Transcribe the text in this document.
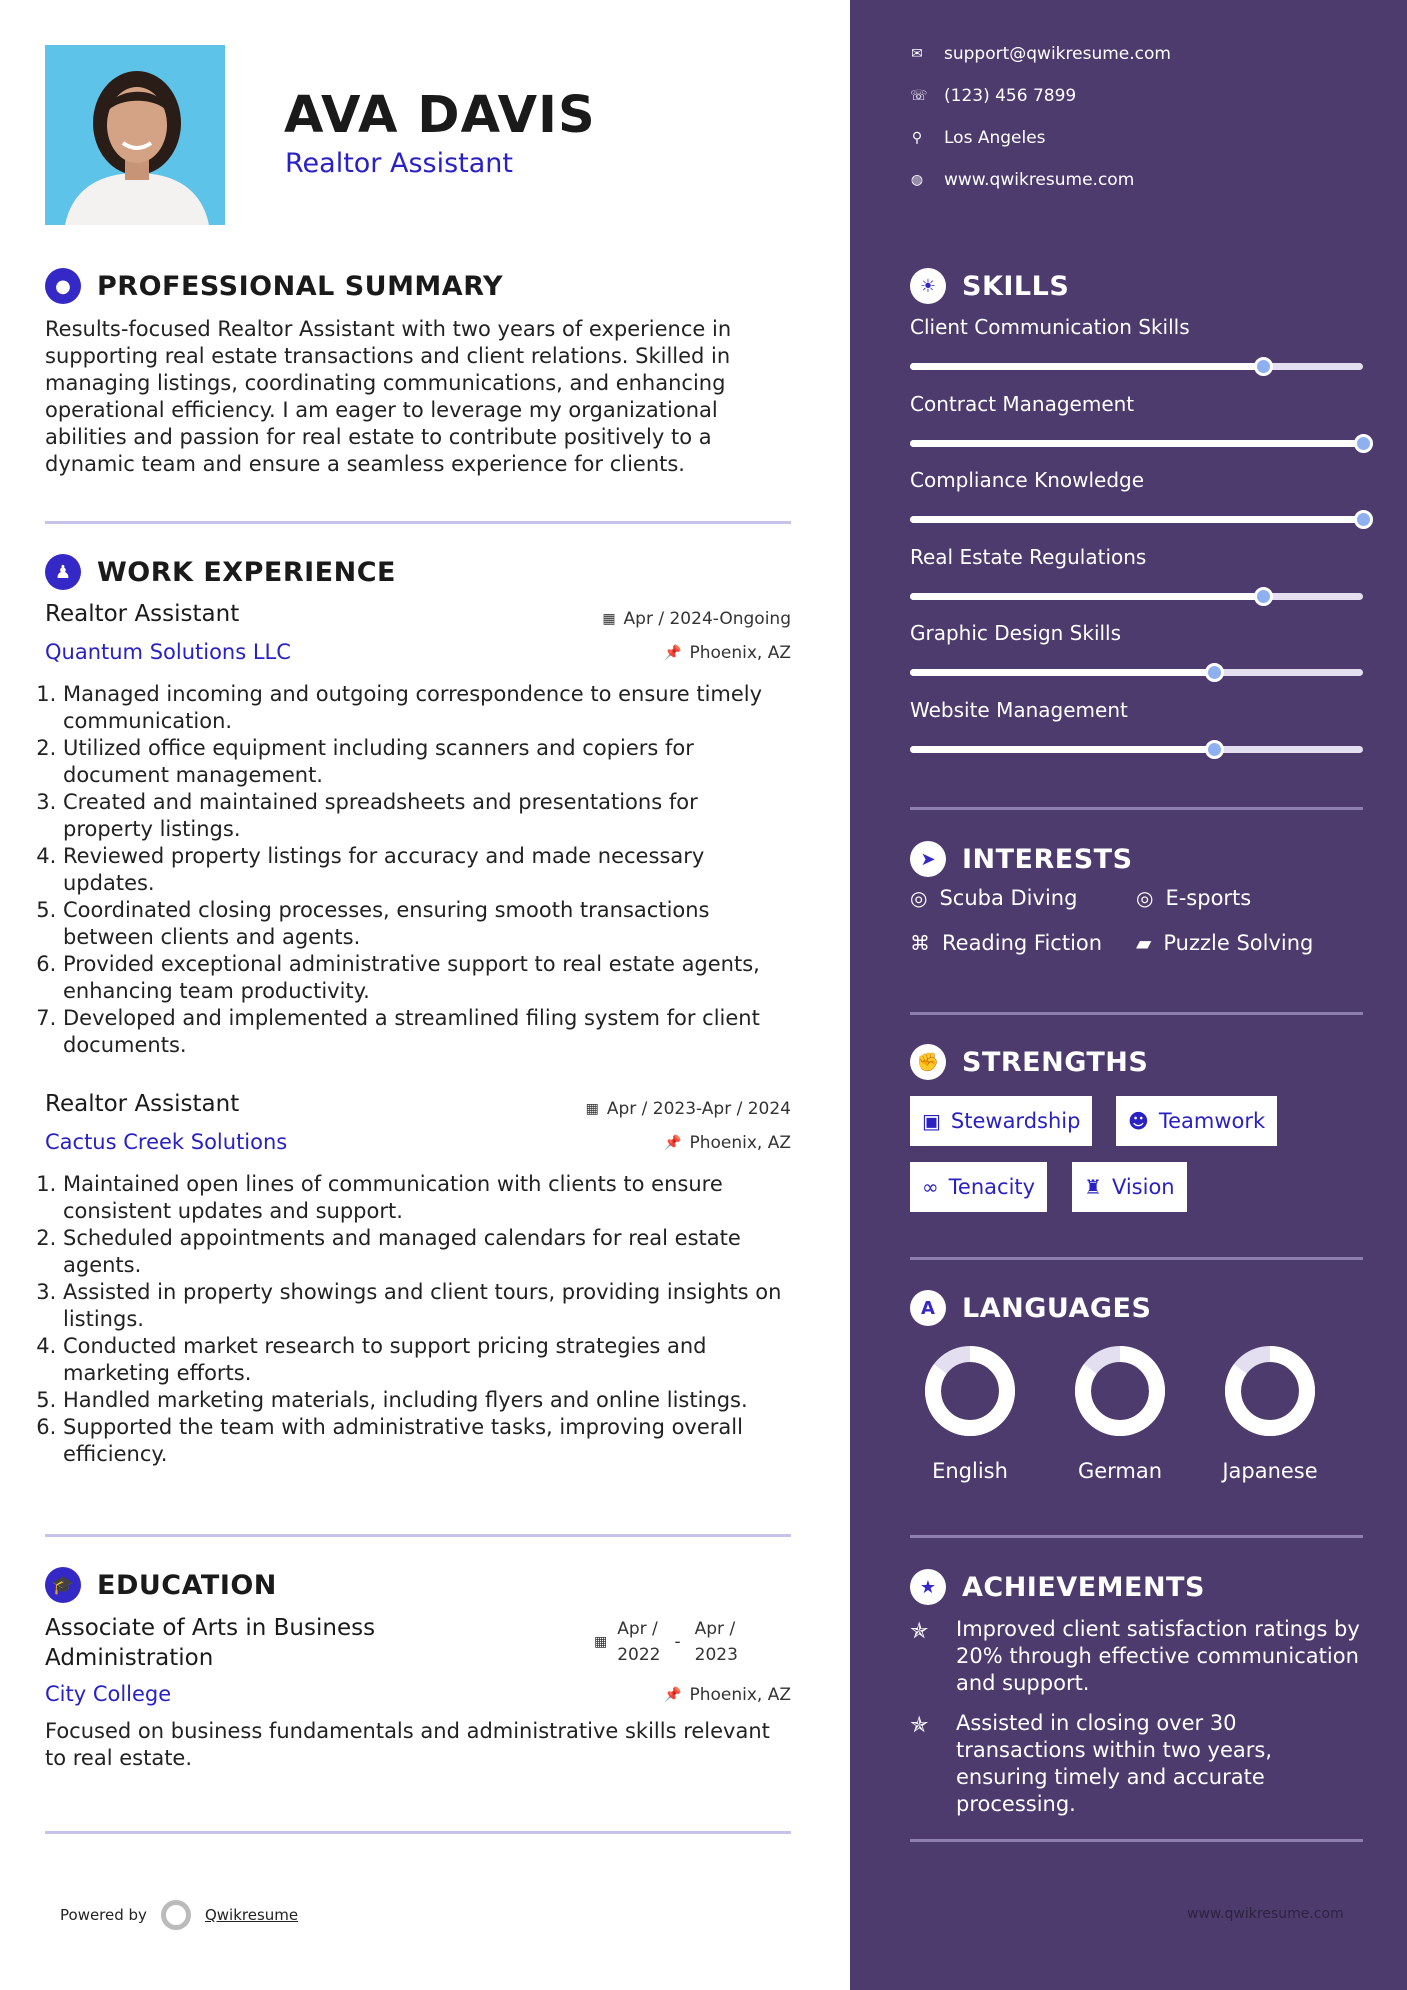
AVA DAVIS
Realtor Assistant
● PROFESSIONAL SUMMARY
Results-focused Realtor Assistant with two years of experience in supporting real estate transactions and client relations. Skilled in managing listings, coordinating communications, and enhancing operational efficiency. I am eager to leverage my organizational abilities and passion for real estate to contribute positively to a dynamic team and ensure a seamless experience for clients.
♟ WORK EXPERIENCE
Realtor Assistant	▦ Apr / 2024-Ongoing
Quantum Solutions LLC	📌 Phoenix, AZ
1. Managed incoming and outgoing correspondence to ensure timely communication.
2. Utilized office equipment including scanners and copiers for document management.
3. Created and maintained spreadsheets and presentations for property listings.
4. Reviewed property listings for accuracy and made necessary updates.
5. Coordinated closing processes, ensuring smooth transactions between clients and agents.
6. Provided exceptional administrative support to real estate agents, enhancing team productivity.
7. Developed and implemented a streamlined filing system for client documents.
Realtor Assistant	▦ Apr / 2023-Apr / 2024
Cactus Creek Solutions	📌 Phoenix, AZ
1. Maintained open lines of communication with clients to ensure consistent updates and support.
2. Scheduled appointments and managed calendars for real estate agents.
3. Assisted in property showings and client tours, providing insights on listings.
4. Conducted market research to support pricing strategies and marketing efforts.
5. Handled marketing materials, including flyers and online listings.
6. Supported the team with administrative tasks, improving overall efficiency.
🎓 EDUCATION
Associate of Arts in Business
Administration
▦
Apr /
2022
-
Apr /
2023
City College	📌 Phoenix, AZ
Focused on business fundamentals and administrative skills relevant to real estate.
Powered by	Qwikresume
✉ support@qwikresume.com
☏ (123) 456 7899
⚲ Los Angeles
◍ www.qwikresume.com
☀ SKILLS
Client Communication Skills
Contract Management
Compliance Knowledge
Real Estate Regulations
Graphic Design Skills
Website Management
➤ INTERESTS
◎ Scuba Diving	◎ E-sports
⌘ Reading Fiction ▰ Puzzle Solving
✊ STRENGTHS
▣ Stewardship ☻ Teamwork
∞ Tenacity ♜ Vision
A	LANGUAGES
English	German	Japanese
★ ACHIEVEMENTS
✯	Improved client satisfaction ratings by 20% through effective communication and support.
✯	Assisted in closing over 30 transactions within two years, ensuring timely and accurate processing.
www.qwikresume.com
